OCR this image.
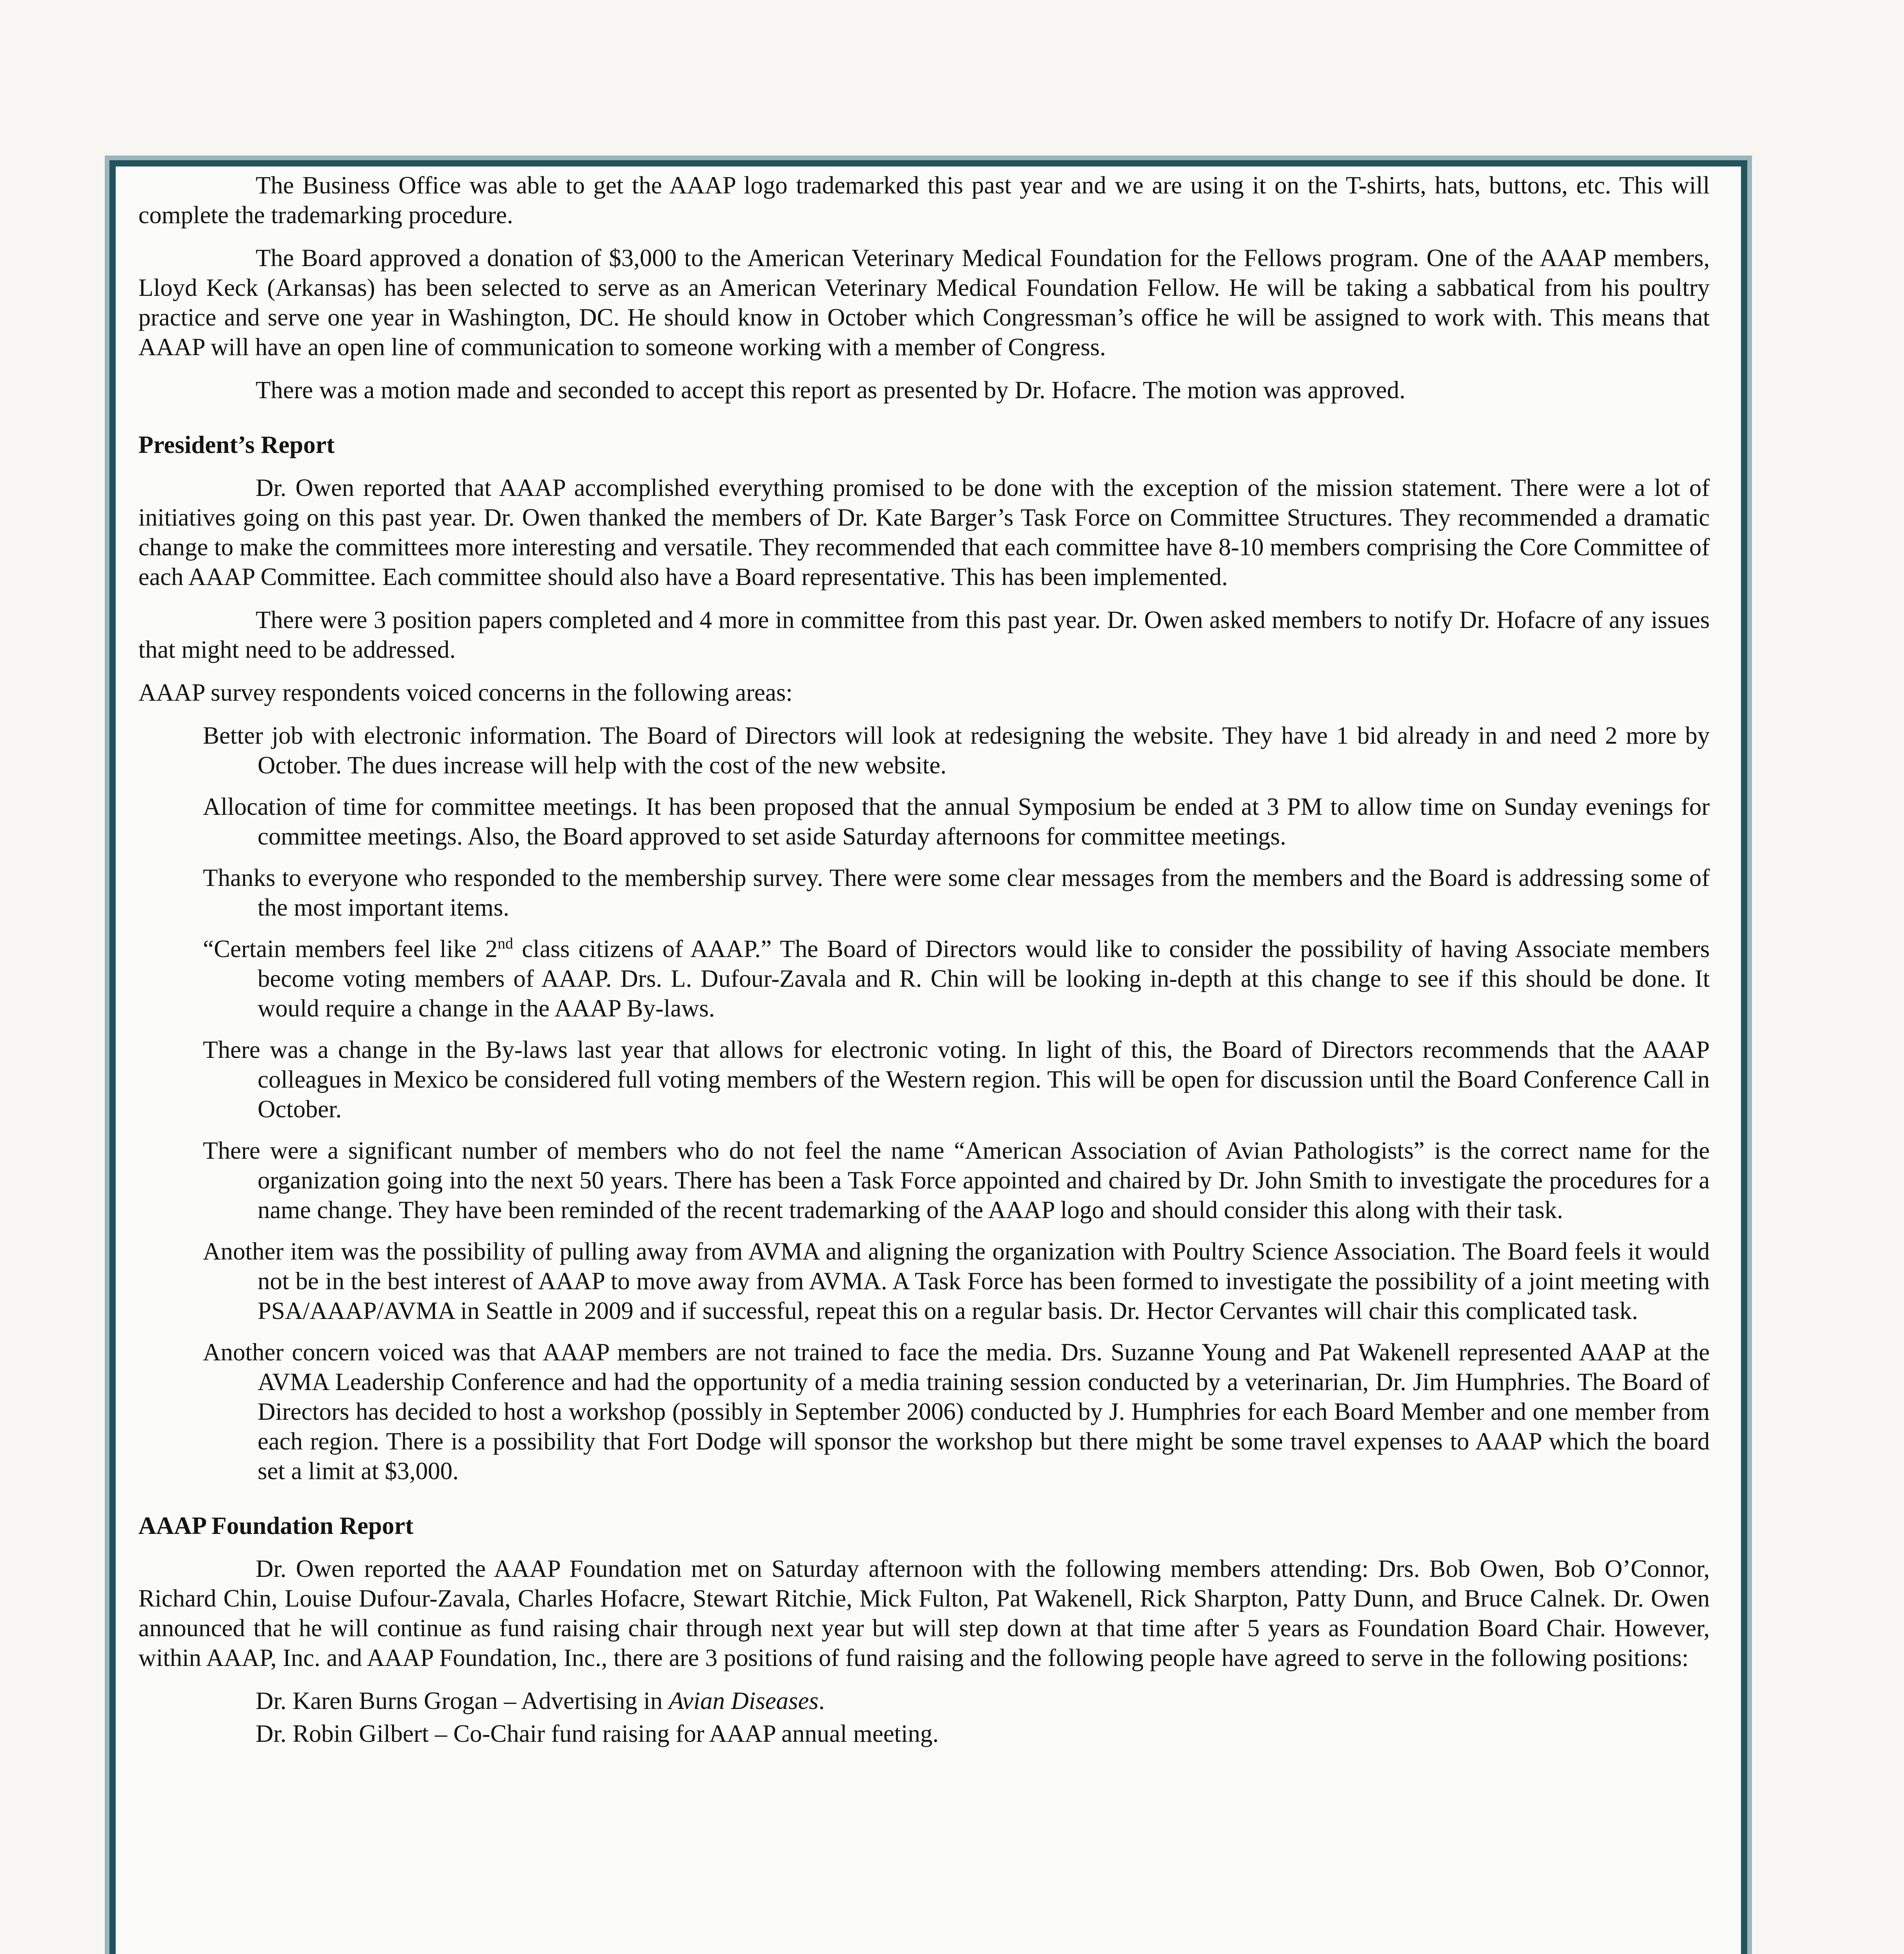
The Business Office was able to get the AAAP logo trademarked this past year and we are using it on the T-shirts, hats, buttons, etc. This will complete the trademarking procedure.

The Board approved a donation of $3,000 to the American Veterinary Medical Foundation for the Fellows program. One of the AAAP members, Lloyd Keck (Arkansas) has been selected to serve as an American Veterinary Medical Foundation Fellow. He will be taking a sabbatical from his poultry practice and serve one year in Washington, DC. He should know in October which Congressman’s office he will be assigned to work with. This means that AAAP will have an open line of communication to someone working with a member of Congress.

There was a motion made and seconded to accept this report as presented by Dr. Hofacre. The motion was approved.

President’s Report

Dr. Owen reported that AAAP accomplished everything promised to be done with the exception of the mission statement. There were a lot of initiatives going on this past year. Dr. Owen thanked the members of Dr. Kate Barger’s Task Force on Committee Structures. They recommended a dramatic change to make the committees more interesting and versatile. They recommended that each committee have 8-10 members comprising the Core Committee of each AAAP Committee. Each committee should also have a Board representative. This has been implemented.

There were 3 position papers completed and 4 more in committee from this past year. Dr. Owen asked members to notify Dr. Hofacre of any issues that might need to be addressed.

AAAP survey respondents voiced concerns in the following areas:

Better job with electronic information. The Board of Directors will look at redesigning the website. They have 1 bid already in and need 2 more by October. The dues increase will help with the cost of the new website.
Allocation of time for committee meetings. It has been proposed that the annual Symposium be ended at 3 PM to allow time on Sunday evenings for committee meetings. Also, the Board approved to set aside Saturday afternoons for committee meetings.
Thanks to everyone who responded to the membership survey. There were some clear messages from the members and the Board is addressing some of the most important items.
“Certain members feel like 2nd class citizens of AAAP.” The Board of Directors would like to consider the possibility of having Associate members become voting members of AAAP. Drs. L. Dufour-Zavala and R. Chin will be looking in-depth at this change to see if this should be done. It would require a change in the AAAP By-laws.
There was a change in the By-laws last year that allows for electronic voting. In light of this, the Board of Directors recommends that the AAAP colleagues in Mexico be considered full voting members of the Western region. This will be open for discussion until the Board Conference Call in October.
There were a significant number of members who do not feel the name “American Association of Avian Pathologists” is the correct name for the organization going into the next 50 years. There has been a Task Force appointed and chaired by Dr. John Smith to investigate the procedures for a name change. They have been reminded of the recent trademarking of the AAAP logo and should consider this along with their task.
Another item was the possibility of pulling away from AVMA and aligning the organization with Poultry Science Association. The Board feels it would not be in the best interest of AAAP to move away from AVMA. A Task Force has been formed to investigate the possibility of a joint meeting with PSA/AAAP/AVMA in Seattle in 2009 and if successful, repeat this on a regular basis. Dr. Hector Cervantes will chair this complicated task.
Another concern voiced was that AAAP members are not trained to face the media. Drs. Suzanne Young and Pat Wakenell represented AAAP at the AVMA Leadership Conference and had the opportunity of a media training session conducted by a veterinarian, Dr. Jim Humphries. The Board of Directors has decided to host a workshop (possibly in September 2006) conducted by J. Humphries for each Board Member and one member from each region. There is a possibility that Fort Dodge will sponsor the workshop but there might be some travel expenses to AAAP which the board set a limit at $3,000.
AAAP Foundation Report

Dr. Owen reported the AAAP Foundation met on Saturday afternoon with the following members attending: Drs. Bob Owen, Bob O’Connor, Richard Chin, Louise Dufour-Zavala, Charles Hofacre, Stewart Ritchie, Mick Fulton, Pat Wakenell, Rick Sharpton, Patty Dunn, and Bruce Calnek. Dr. Owen announced that he will continue as fund raising chair through next year but will step down at that time after 5 years as Foundation Board Chair. However, within AAAP, Inc. and AAAP Foundation, Inc., there are 3 positions of fund raising and the following people have agreed to serve in the following positions:

Dr. Karen Burns Grogan – Advertising in Avian Diseases.
Dr. Robin Gilbert – Co-Chair fund raising for AAAP annual meeting.
